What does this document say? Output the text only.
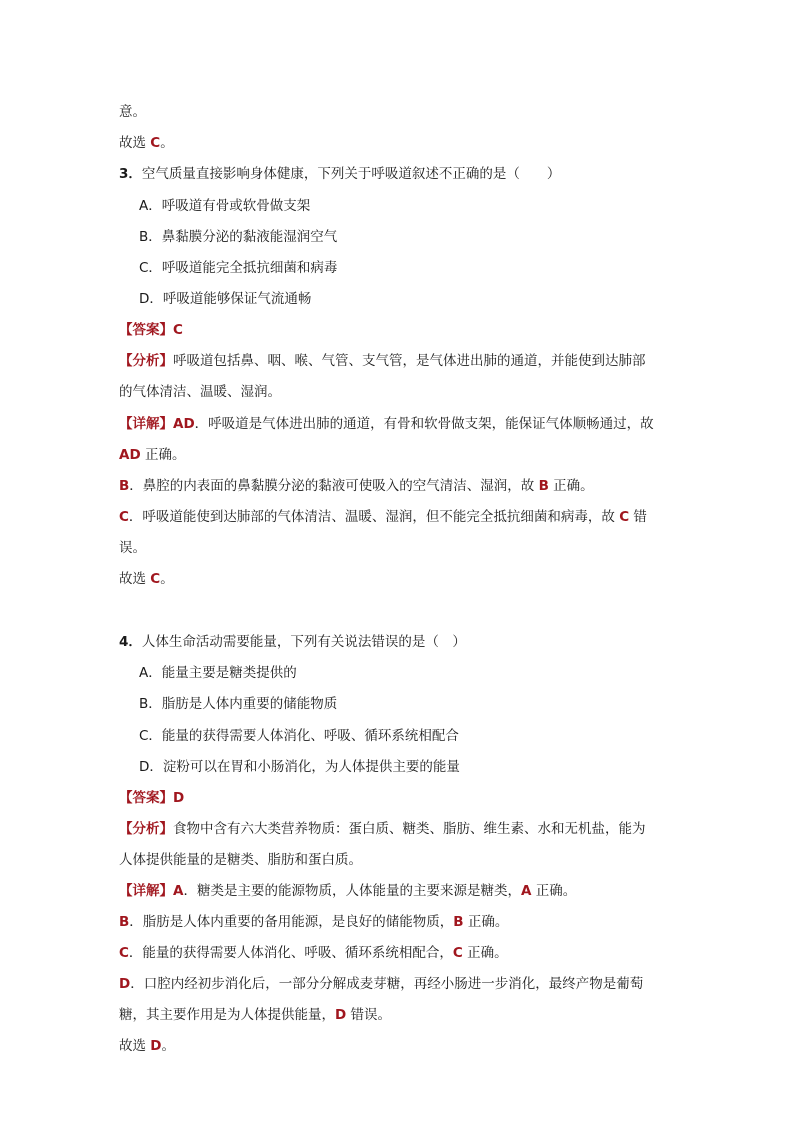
意。
故选 C。
3．空气质量直接影响身体健康，下列关于呼吸道叙述不正确的是（　　）
A．呼吸道有骨或软骨做支架
B．鼻黏膜分泌的黏液能湿润空气
C．呼吸道能完全抵抗细菌和病毒
D．呼吸道能够保证气流通畅
【答案】C
【分析】呼吸道包括鼻、咽、喉、气管、支气管，是气体进出肺的通道，并能使到达肺部
的气体清洁、温暖、湿润。
【详解】AD．呼吸道是气体进出肺的通道，有骨和软骨做支架，能保证气体顺畅通过，故
AD 正确。
B．鼻腔的内表面的鼻黏膜分泌的黏液可使吸入的空气清洁、湿润，故 B 正确。
C．呼吸道能使到达肺部的气体清洁、温暖、湿润，但不能完全抵抗细菌和病毒，故 C 错
误。
故选 C。
4．人体生命活动需要能量，下列有关说法错误的是（　）
A．能量主要是糖类提供的
B．脂肪是人体内重要的储能物质
C．能量的获得需要人体消化、呼吸、循环系统相配合
D．淀粉可以在胃和小肠消化，为人体提供主要的能量
【答案】D
【分析】食物中含有六大类营养物质：蛋白质、糖类、脂肪、维生素、水和无机盐，能为
人体提供能量的是糖类、脂肪和蛋白质。
【详解】A．糖类是主要的能源物质，人体能量的主要来源是糖类，A 正确。
B．脂肪是人体内重要的备用能源，是良好的储能物质，B 正确。
C．能量的获得需要人体消化、呼吸、循环系统相配合，C 正确。
D．口腔内经初步消化后，一部分分解成麦芽糖，再经小肠进一步消化，最终产物是葡萄
糖，其主要作用是为人体提供能量，D 错误。
故选 D。
